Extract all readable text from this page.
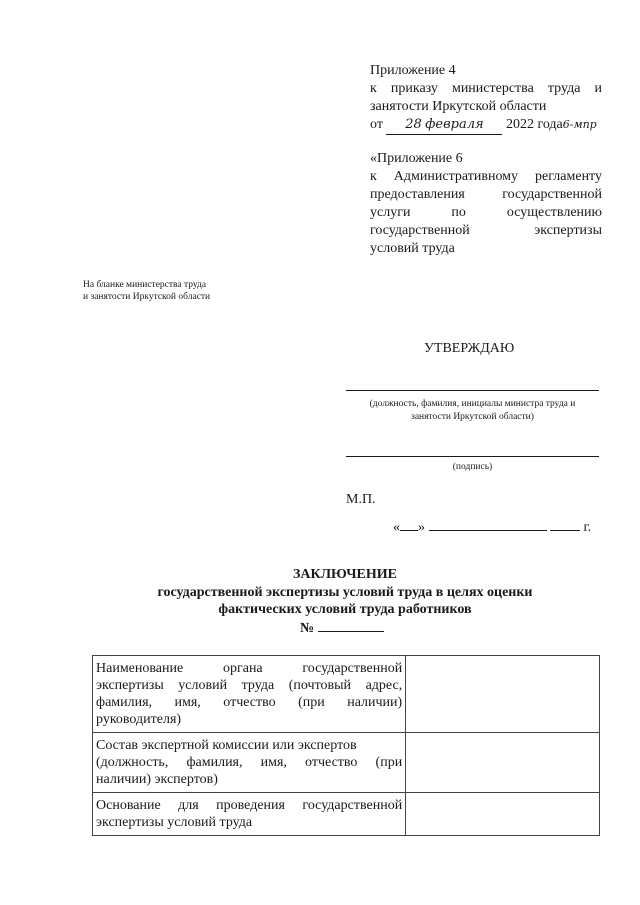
Приложение 4
к приказу министерства труда и
занятости Иркутской области
от 28 февраля 2022 года6-мпр
«Приложение 6
к Административному регламенту
предоставления государственной
услуги по осуществлению
государственной экспертизы
условий труда
На бланке министерства труда
и занятости Иркутской области
УТВЕРЖДАЮ
(должность, фамилия, инициалы министра труда и
занятости Иркутской области)
(подпись)
М.П.
« »	г.
ЗАКЛЮЧЕНИЕ
государственной экспертизы условий труда в целях оценки
фактических условий труда работников
№
Наименование органа государственной
экспертизы условий труда (почтовый адрес,
фамилия, имя, отчество (при наличии)
руководителя)	

Состав экспертной комиссии или экспертов
(должность, фамилия, имя, отчество (при
наличии) экспертов)	

Основание для проведения государственной
экспертизы условий труда	
